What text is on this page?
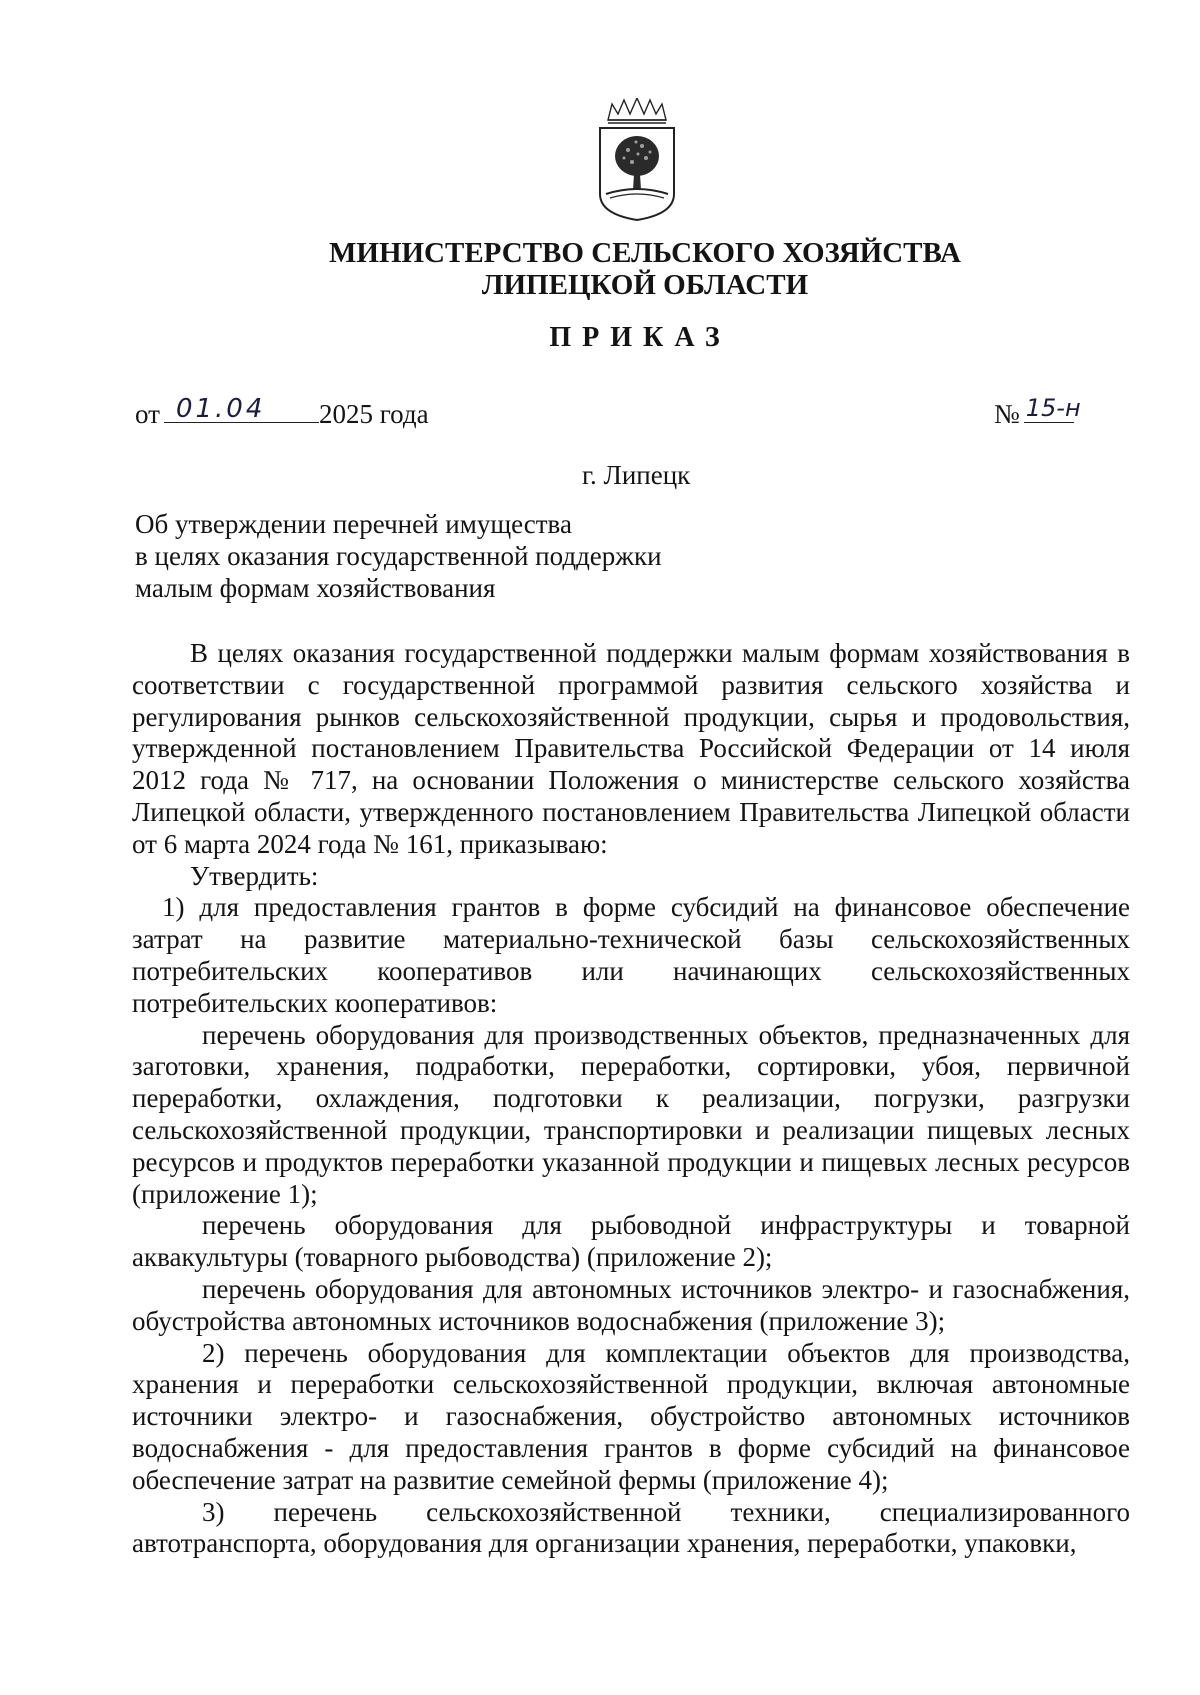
МИНИСТЕРСТВО СЕЛЬСКОГО ХОЗЯЙСТВА
ЛИПЕЦКОЙ ОБЛАСТИ
ПРИКАЗ
от 01.04 2025 года	№ 15-н
г. Липецк
Об утверждении перечней имущества
в целях оказания государственной поддержки
малым формам хозяйствования

В целях оказания государственной поддержки малым формам хозяйствования в соответствии с государственной программой развития сельского хозяйства и регулирования рынков сельскохозяйственной продукции, сырья и продовольствия, утвержденной постановлением Правительства Российской Федерации от 14 июля 2012 года № 717, на основании Положения о министерстве сельского хозяйства Липецкой области, утвержденного постановлением Правительства Липецкой области от 6 марта 2024 года № 161, приказываю:

Утвердить:

1) для предоставления грантов в форме субсидий на финансовое обеспечение затрат на развитие материально-технической базы сельскохозяйственных потребительских кооперативов или начинающих сельскохозяйственных потребительских кооперативов:

перечень оборудования для производственных объектов, предназначенных для заготовки, хранения, подработки, переработки, сортировки, убоя, первичной переработки, охлаждения, подготовки к реализации, погрузки, разгрузки сельскохозяйственной продукции, транспортировки и реализации пищевых лесных ресурсов и продуктов переработки указанной продукции и пищевых лесных ресурсов (приложение 1);

перечень оборудования для рыбоводной инфраструктуры и товарной аквакультуры (товарного рыбоводства) (приложение 2);

перечень оборудования для автономных источников электро- и газоснабжения, обустройства автономных источников водоснабжения (приложение 3);

2) перечень оборудования для комплектации объектов для производства, хранения и переработки сельскохозяйственной продукции, включая автономные источники электро- и газоснабжения, обустройство автономных источников водоснабжения - для предоставления грантов в форме субсидий на финансовое обеспечение затрат на развитие семейной фермы (приложение 4);

3) перечень сельскохозяйственной техники, специализированного автотранспорта, оборудования для организации хранения, переработки, упаковки,
